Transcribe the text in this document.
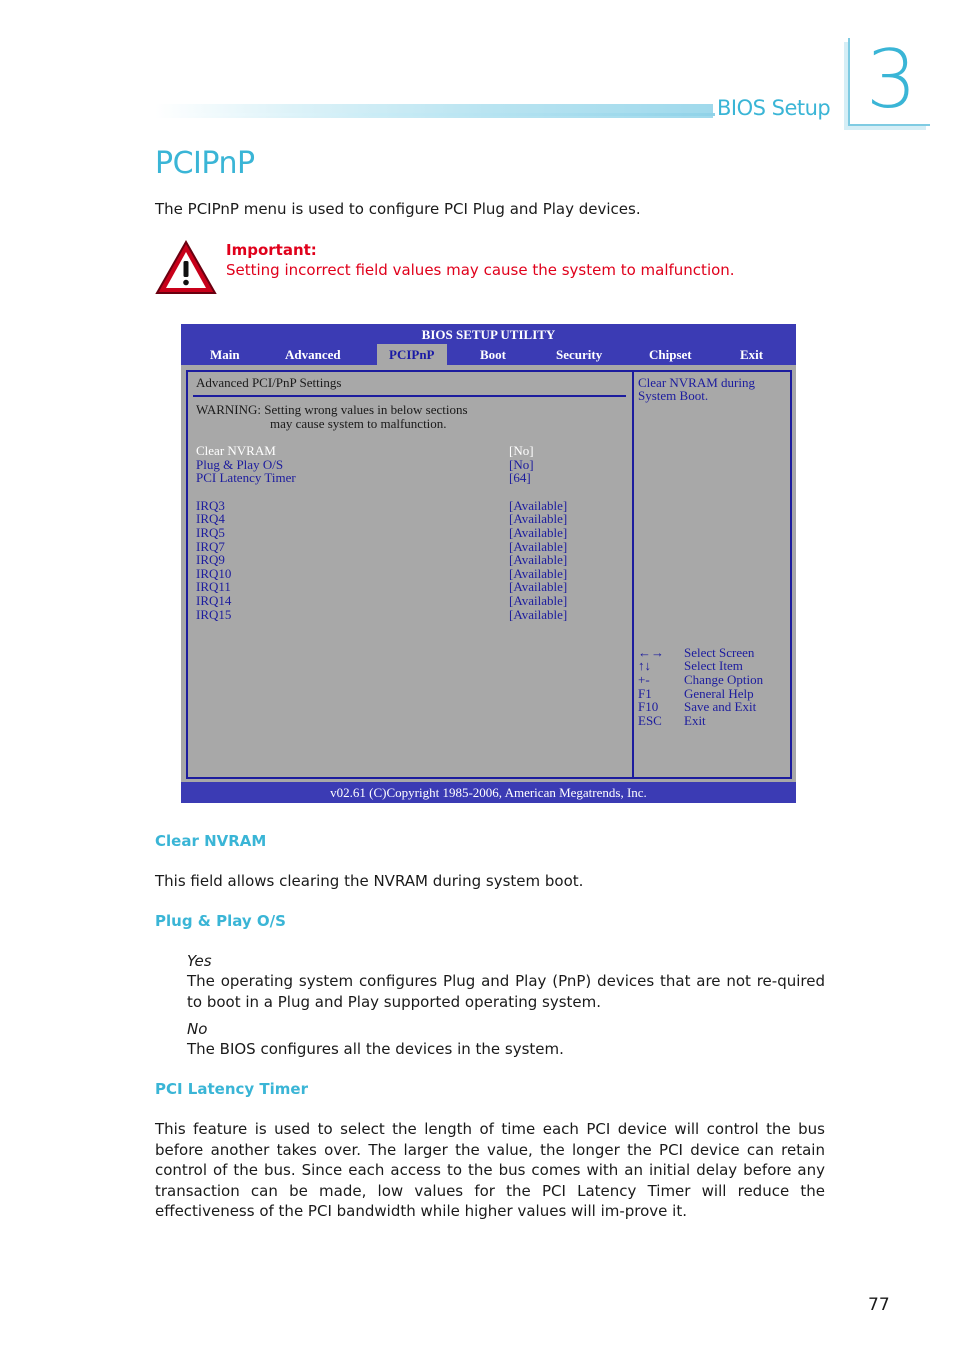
BIOS Setup 3
PCIPnP
The PCIPnP menu is used to configure PCI Plug and Play devices.
Important:
Setting incorrect field values may cause the system to malfunction.
BIOS SETUP UTILITY
Main	Advanced	PCIPnP	Boot	Security	Chipset	Exit
Advanced PCI/PnP Settings
WARNING: Setting wrong values in below sections
may cause system to malfunction.
Clear NVRAM	[No]
Plug & Play O/S	[No]
PCI Latency Timer	[64]
IRQ3	[Available]
IRQ4	[Available]
IRQ5	[Available]
IRQ7	[Available]
IRQ9	[Available]
IRQ10	[Available]
IRQ11	[Available]
IRQ14	[Available]
IRQ15	[Available]
Clear NVRAM during
System Boot.
←→ Select Screen
↑↓	Select Item
+-	Change Option
F1 General Help
F10 Save and Exit
ESC Exit
v02.61 (C)Copyright 1985-2006, American Megatrends, Inc.
Clear NVRAM
This field allows clearing the NVRAM during system boot.
Plug & Play O/S
Yes
The operating system configures Plug and Play (PnP) devices that are not re-quired to boot in a Plug and Play supported operating system.
No
The BIOS configures all the devices in the system.
PCI Latency Timer
This feature is used to select the length of time each PCI device will control the bus before another takes over. The larger the value, the longer the PCI device can retain control of the bus. Since each access to the bus comes with an initial delay before any transaction can be made, low values for the PCI Latency Timer will reduce the effectiveness of the PCI bandwidth while higher values will im-prove it.
77
